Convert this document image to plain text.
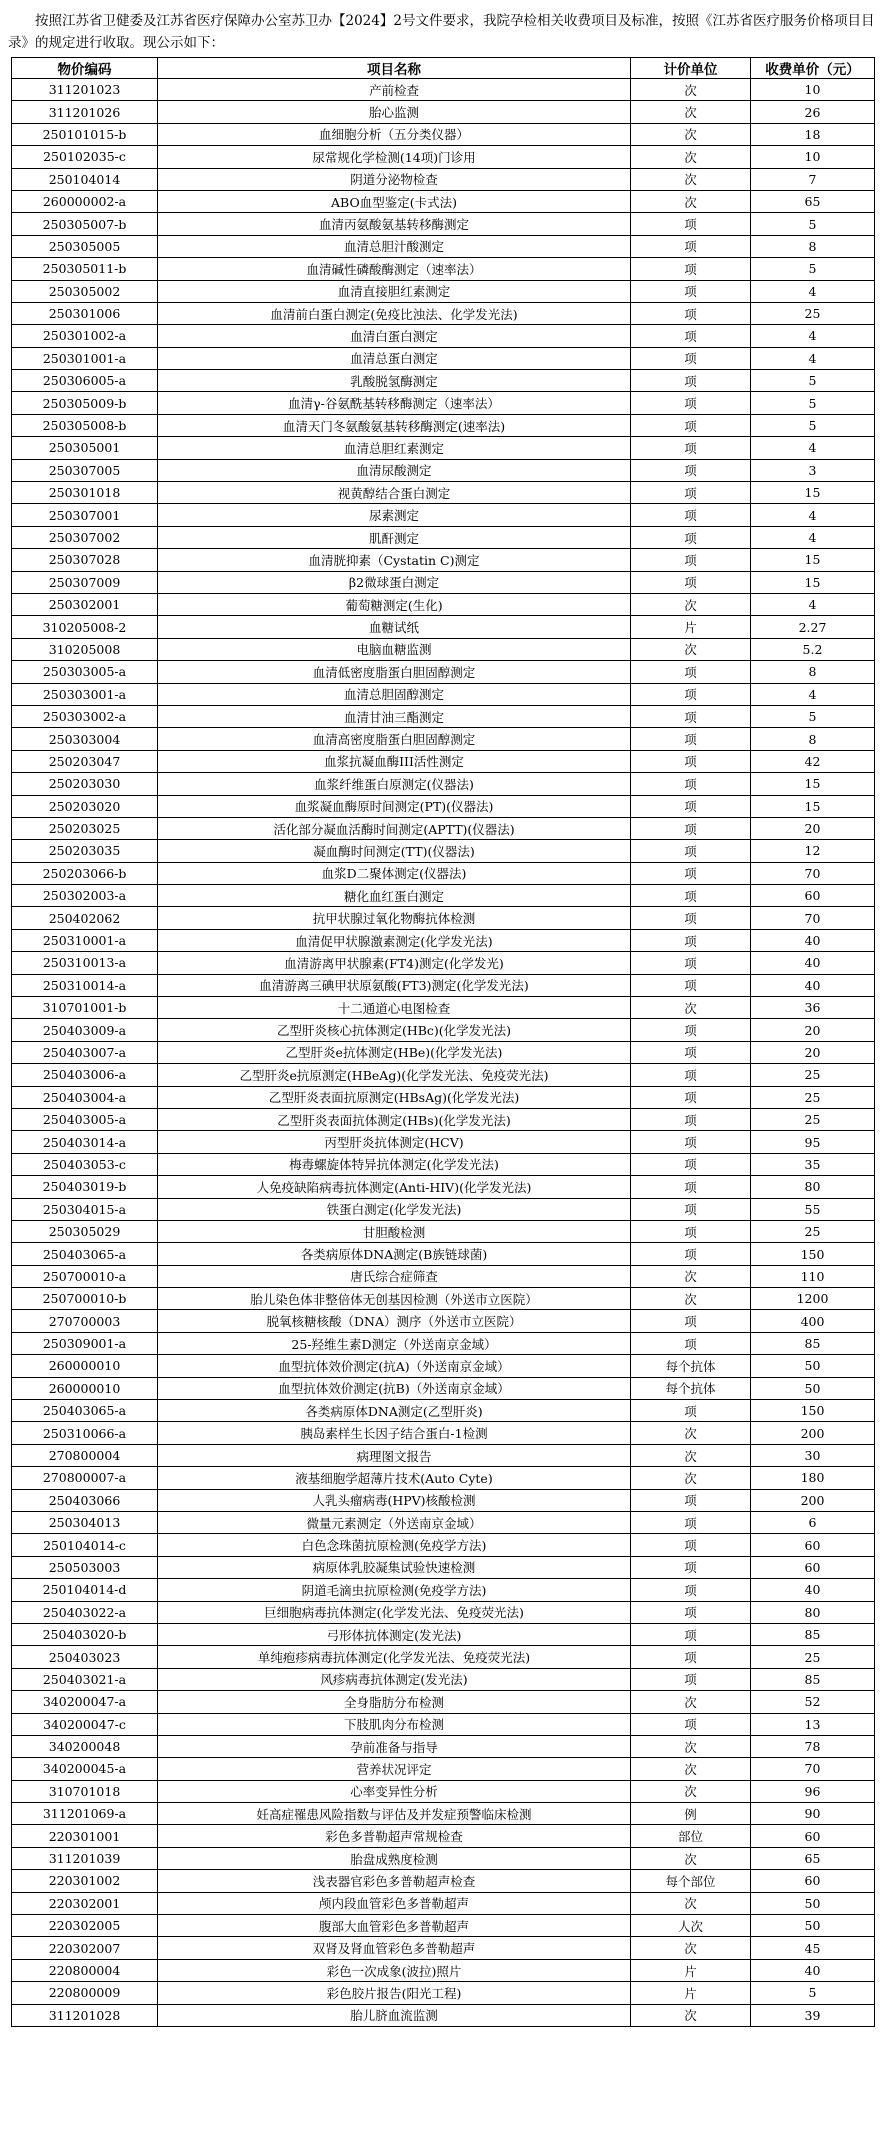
按照江苏省卫健委及江苏省医疗保障办公室苏卫办【2024】2号文件要求，我院孕检相关收费项目及标准，按照《江苏省医疗服务价格项目目录》的规定进行收取。现公示如下：
物价编码	项目名称	计价单位	收费单价（元）
311201023	产前检查	次	10
311201026	胎心监测	次	26
250101015-b	血细胞分析（五分类仪器）	次	18
250102035-c	尿常规化学检测(14项)门诊用	次	10
250104014	阴道分泌物检查	次	7
260000002-a	ABO血型鉴定(卡式法)	次	65
250305007-b	血清丙氨酸氨基转移酶测定	项	5
250305005	血清总胆汁酸测定	项	8
250305011-b	血清碱性磷酸酶测定（速率法）	项	5
250305002	血清直接胆红素测定	项	4
250301006	血清前白蛋白测定(免疫比浊法、化学发光法)	项	25
250301002-a	血清白蛋白测定	项	4
250301001-a	血清总蛋白测定	项	4
250306005-a	乳酸脱氢酶测定	项	5
250305009-b	血清γ-谷氨酰基转移酶测定（速率法）	项	5
250305008-b	血清天门冬氨酸氨基转移酶测定(速率法)	项	5
250305001	血清总胆红素测定	项	4
250307005	血清尿酸测定	项	3
250301018	视黄醇结合蛋白测定	项	15
250307001	尿素测定	项	4
250307002	肌酐测定	项	4
250307028	血清胱抑素（Cystatin C)测定	项	15
250307009	β2微球蛋白测定	项	15
250302001	葡萄糖测定(生化)	次	4
310205008-2	血糖试纸	片	2.27
310205008	电脑血糖监测	次	5.2
250303005-a	血清低密度脂蛋白胆固醇测定	项	8
250303001-a	血清总胆固醇测定	项	4
250303002-a	血清甘油三酯测定	项	5
250303004	血清高密度脂蛋白胆固醇测定	项	8
250203047	血浆抗凝血酶III活性测定	项	42
250203030	血浆纤维蛋白原测定(仪器法)	项	15
250203020	血浆凝血酶原时间测定(PT)(仪器法)	项	15
250203025	活化部分凝血活酶时间测定(APTT)(仪器法)	项	20
250203035	凝血酶时间测定(TT)(仪器法)	项	12
250203066-b	血浆D二聚体测定(仪器法)	项	70
250302003-a	糖化血红蛋白测定	项	60
250402062	抗甲状腺过氧化物酶抗体检测	项	70
250310001-a	血清促甲状腺激素测定(化学发光法)	项	40
250310013-a	血清游离甲状腺素(FT4)测定(化学发光)	项	40
250310014-a	血清游离三碘甲状原氨酸(FT3)测定(化学发光法)	项	40
310701001-b	十二通道心电图检查	次	36
250403009-a	乙型肝炎核心抗体测定(HBc)(化学发光法)	项	20
250403007-a	乙型肝炎e抗体测定(HBe)(化学发光法)	项	20
250403006-a	乙型肝炎e抗原测定(HBeAg)(化学发光法、免疫荧光法)	项	25
250403004-a	乙型肝炎表面抗原测定(HBsAg)(化学发光法)	项	25
250403005-a	乙型肝炎表面抗体测定(HBs)(化学发光法)	项	25
250403014-a	丙型肝炎抗体测定(HCV)	项	95
250403053-c	梅毒螺旋体特异抗体测定(化学发光法)	项	35
250403019-b	人免疫缺陷病毒抗体测定(Anti-HIV)(化学发光法)	项	80
250304015-a	铁蛋白测定(化学发光法)	项	55
250305029	甘胆酸检测	项	25
250403065-a	各类病原体DNA测定(B族链球菌)	项	150
250700010-a	唐氏综合症筛查	次	110
250700010-b	胎儿染色体非整倍体无创基因检测（外送市立医院）	次	1200
270700003	脱氧核糖核酸（DNA）测序（外送市立医院）	项	400
250309001-a	25-羟维生素D测定（外送南京金域）	项	85
260000010	血型抗体效价测定(抗A)（外送南京金域）	每个抗体	50
260000010	血型抗体效价测定(抗B)（外送南京金域）	每个抗体	50
250403065-a	各类病原体DNA测定(乙型肝炎)	项	150
250310066-a	胰岛素样生长因子结合蛋白-1检测	次	200
270800004	病理图文报告	次	30
270800007-a	液基细胞学超薄片技术(Auto Cyte)	次	180
250403066	人乳头瘤病毒(HPV)核酸检测	项	200
250304013	微量元素测定（外送南京金域）	项	6
250104014-c	白色念珠菌抗原检测(免疫学方法)	项	60
250503003	病原体乳胶凝集试验快速检测	项	60
250104014-d	阴道毛滴虫抗原检测(免疫学方法)	项	40
250403022-a	巨细胞病毒抗体测定(化学发光法、免疫荧光法)	项	80
250403020-b	弓形体抗体测定(发光法)	项	85
250403023	单纯疱疹病毒抗体测定(化学发光法、免疫荧光法)	项	25
250403021-a	风疹病毒抗体测定(发光法)	项	85
340200047-a	全身脂肪分布检测	次	52
340200047-c	下肢肌肉分布检测	项	13
340200048	孕前准备与指导	次	78
340200045-a	营养状况评定	次	70
310701018	心率变异性分析	次	96
311201069-a	妊高症罹患风险指数与评估及并发症预警临床检测	例	90
220301001	彩色多普勒超声常规检查	部位	60
311201039	胎盘成熟度检测	次	65
220301002	浅表器官彩色多普勒超声检查	每个部位	60
220302001	颅内段血管彩色多普勒超声	次	50
220302005	腹部大血管彩色多普勒超声	人次	50
220302007	双肾及肾血管彩色多普勒超声	次	45
220800004	彩色一次成象(波拉)照片	片	40
220800009	彩色胶片报告(阳光工程)	片	5
311201028	胎儿脐血流监测	次	39
